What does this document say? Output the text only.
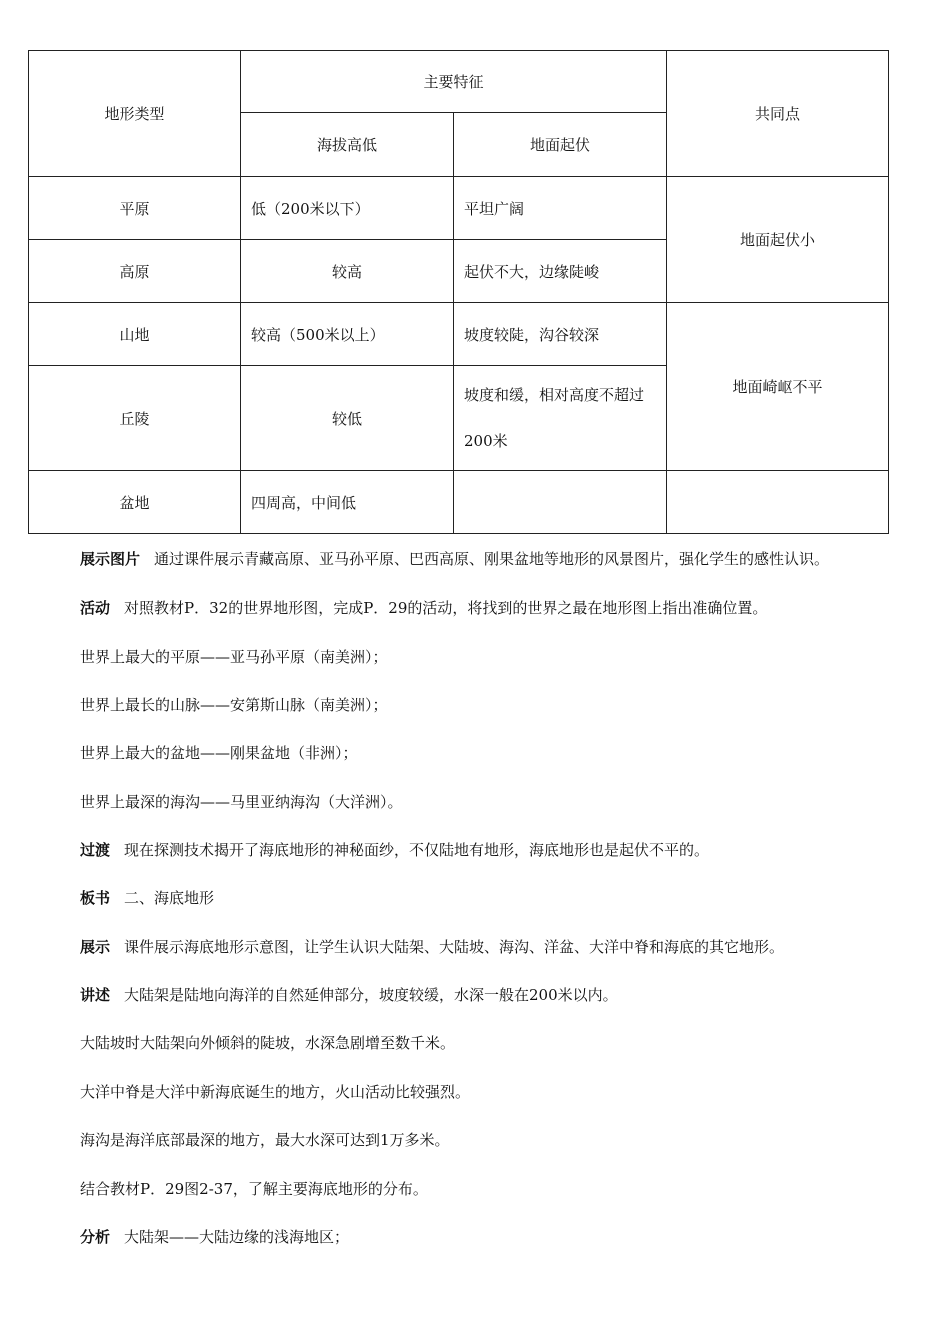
地形类型	主要特征		共同点
	海拔高低	地面起伏	
平原	低（200米以下）	平坦广阔	地面起伏小
高原	较高	起伏不大，边缘陡峻	
山地	较高（500米以上）	坡度较陡，沟谷较深	地面崎岖不平
丘陵	较低	坡度和缓，相对高度不超过200米	
盆地	四周高，中间低		

展示图片 通过课件展示青藏高原、亚马孙平原、巴西高原、刚果盆地等地形的风景图片，强化学生的感性认识。

活动 对照教材P．32的世界地形图，完成P．29的活动，将找到的世界之最在地形图上指出准确位置。

世界上最大的平原——亚马孙平原（南美洲）；

世界上最长的山脉——安第斯山脉（南美洲）；

世界上最大的盆地——刚果盆地（非洲）；

世界上最深的海沟——马里亚纳海沟（大洋洲）。

过渡 现在探测技术揭开了海底地形的神秘面纱，不仅陆地有地形，海底地形也是起伏不平的。

板书 二、海底地形

展示 课件展示海底地形示意图，让学生认识大陆架、大陆坡、海沟、洋盆、大洋中脊和海底的其它地形。

讲述 大陆架是陆地向海洋的自然延伸部分，坡度较缓，水深一般在200米以内。

大陆坡时大陆架向外倾斜的陡坡，水深急剧增至数千米。

大洋中脊是大洋中新海底诞生的地方，火山活动比较强烈。

海沟是海洋底部最深的地方，最大水深可达到1万多米。

结合教材P．29图2-37，了解主要海底地形的分布。

分析 大陆架——大陆边缘的浅海地区；
